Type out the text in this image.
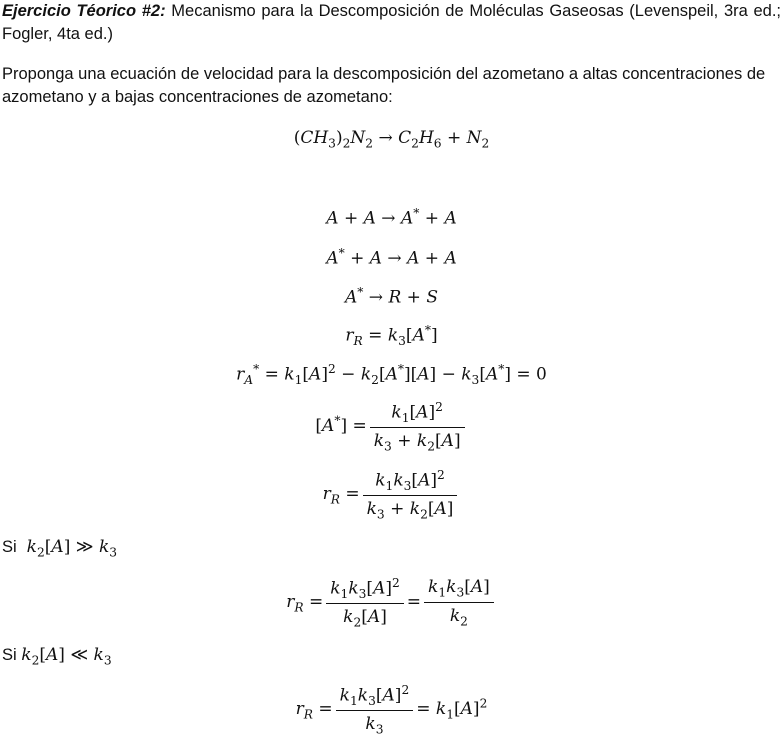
Ejercicio Téorico #2: Mecanismo para la Descomposición de Moléculas Gaseosas (Levenspeil, 3ra ed.; Fogler, 4ta ed.)
Proponga una ecuación de velocidad para la descomposición del azometano a altas concentraciones de azometano y a bajas concentraciones de azometano:
$(CH_3)_2N_2 \to C_2H_6 + N_2$
A + A → A* + A
A* + A → A + A
A* → R + S
$r_R = k_3[A^*]$
$r_A^* = k_1[A]^2 - k_2[A^*][A] - k_3[A^*] = 0$
$[A^*] = \frac{k_1[A]^2}{k_3 + k_2[A]}$
$r_R = \frac{k_1k_3[A]^2}{k_3 + k_2[A]}$
Si $k_2[A]$ ≫ $k_3$
$r_R = \frac{k_1k_3[A]^2}{k_2[A]} = \frac{k_1k_3[A]}{k_2}$
Si $k_2[A]$ ≪ $k_3$
$r_R = \frac{k_1k_3[A]^2}{k_3} = k_1[A]^2$
